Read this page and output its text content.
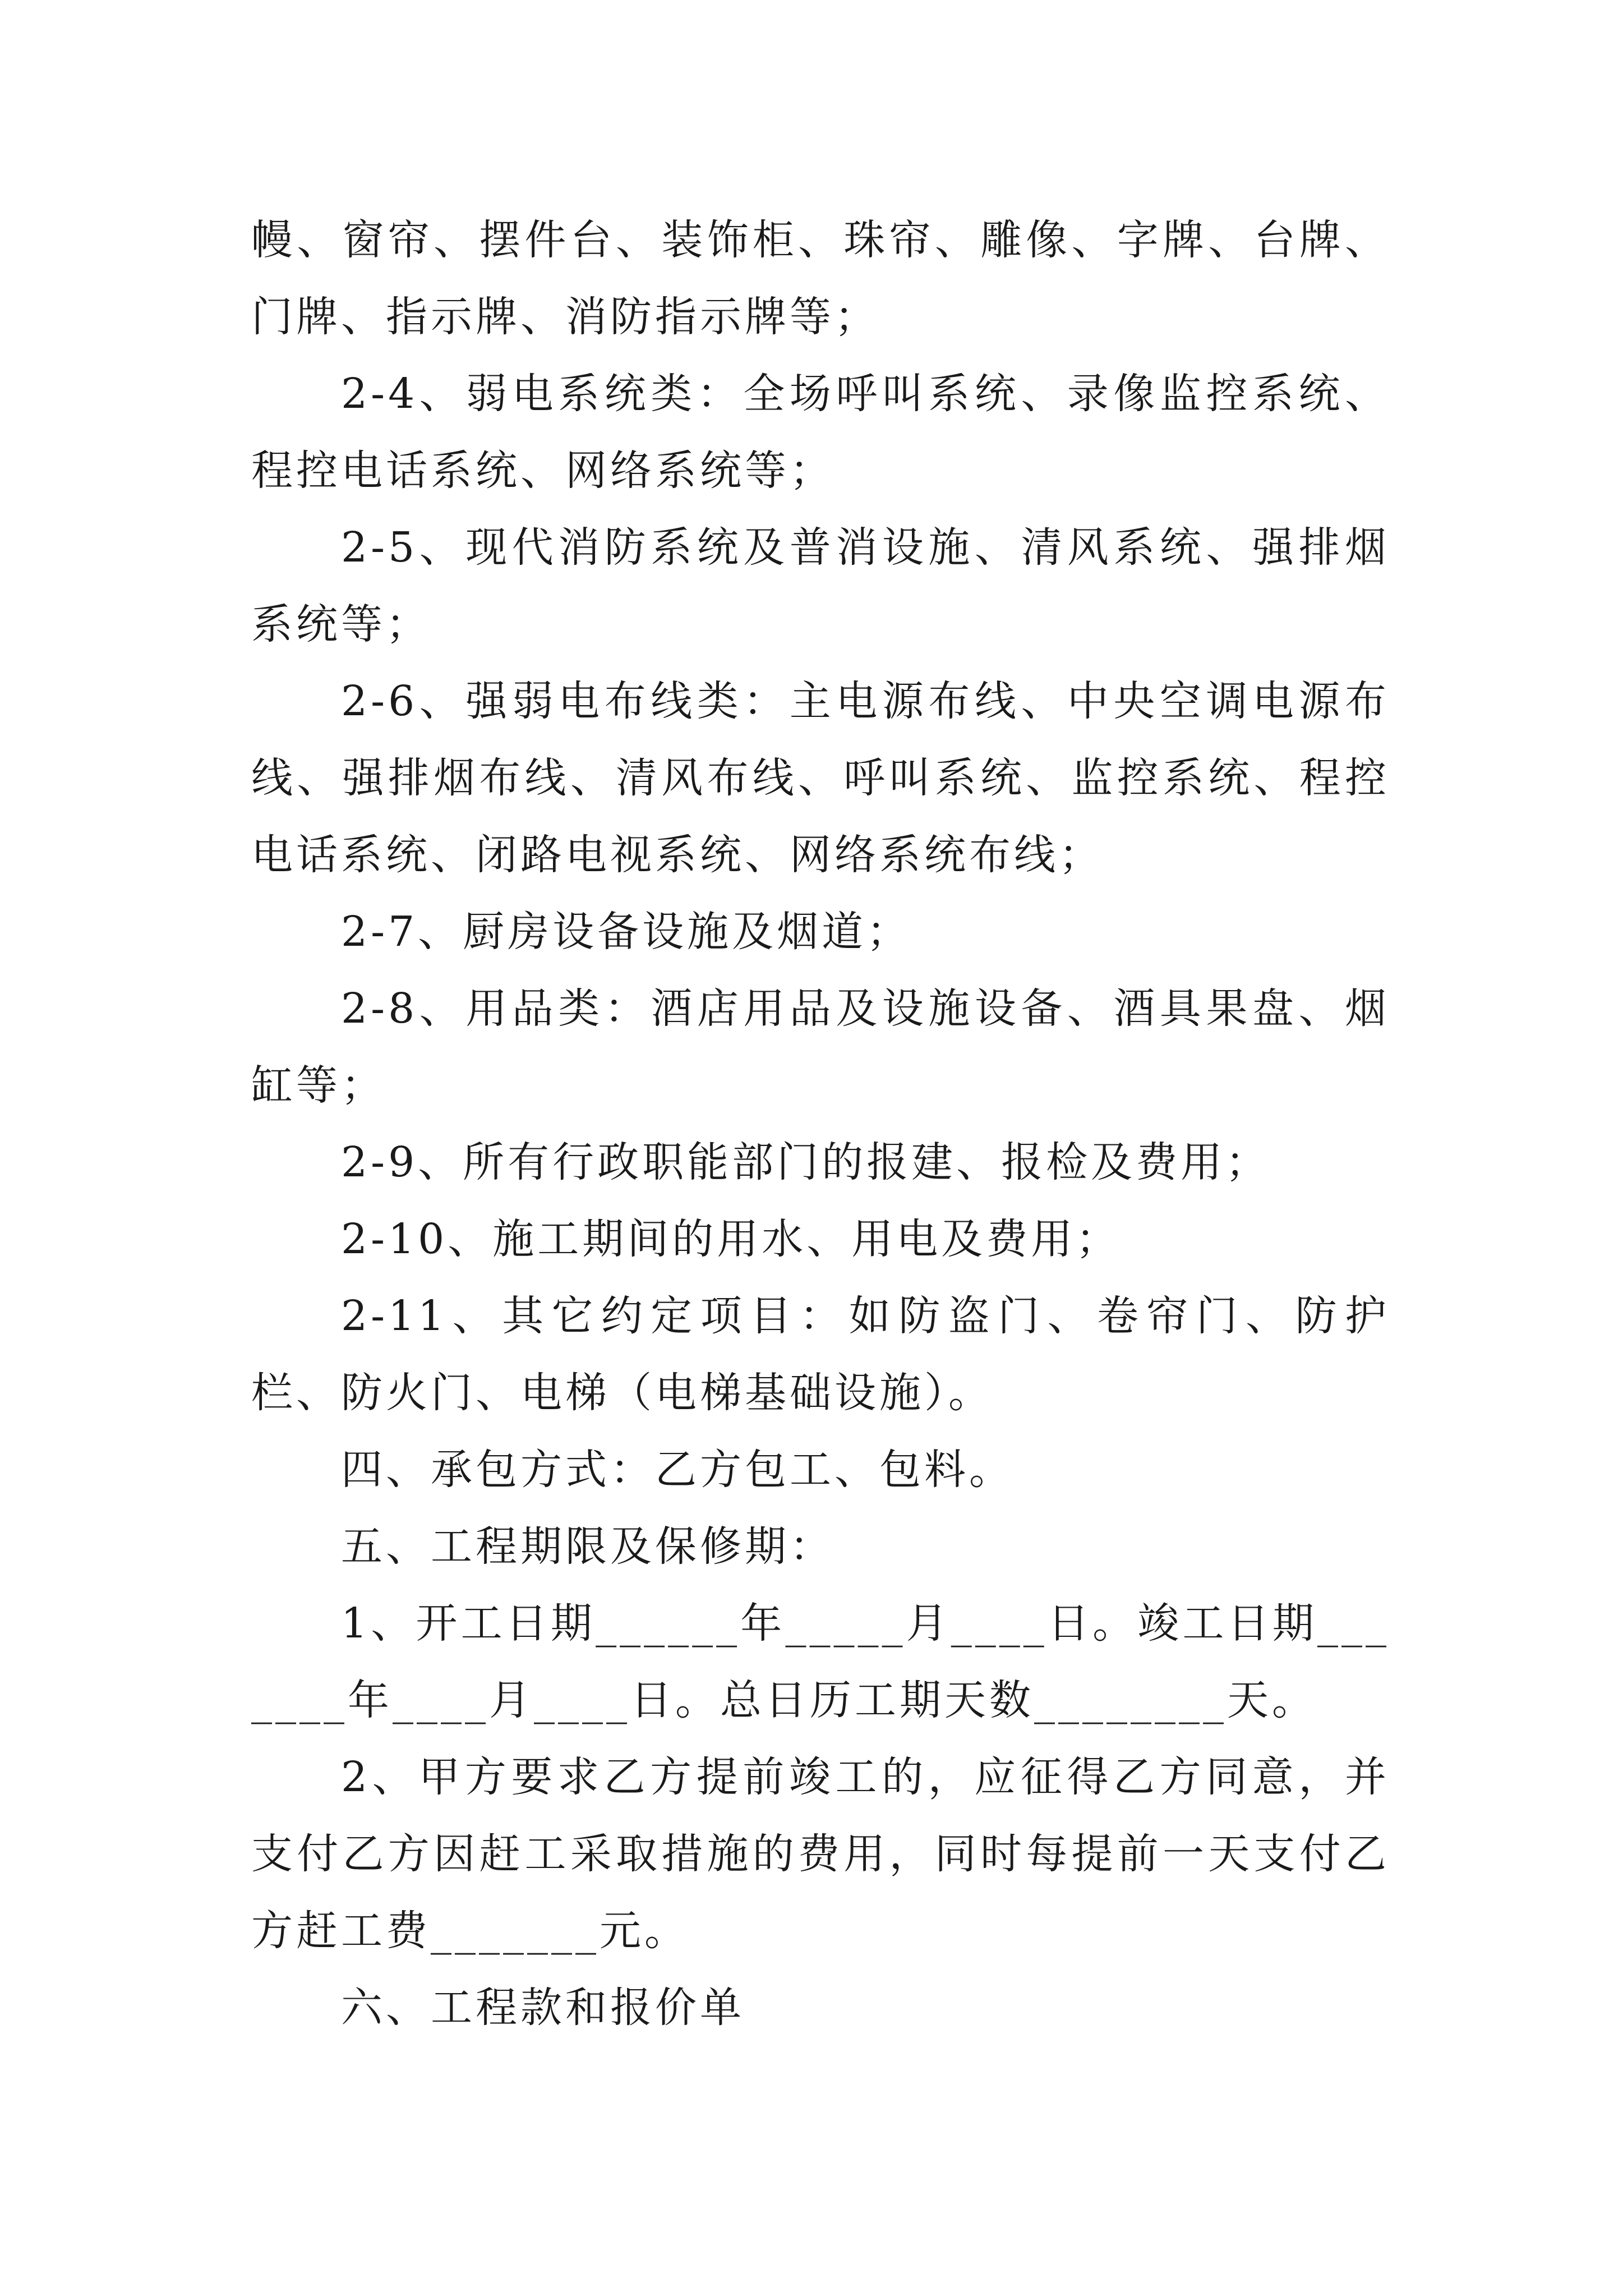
幔、窗帘、摆件台、装饰柜、珠帘、雕像、字牌、台牌、门牌、指示牌、消防指示牌等；

2-4、弱电系统类：全场呼叫系统、录像监控系统、程控电话系统、网络系统等；

2-5、现代消防系统及普消设施、清风系统、强排烟系统等；

2-6、强弱电布线类：主电源布线、中央空调电源布线、强排烟布线、清风布线、呼叫系统、监控系统、程控电话系统、闭路电视系统、网络系统布线；

2-7、厨房设备设施及烟道；

2-8、用品类：酒店用品及设施设备、酒具果盘、烟缸等；

2-9、所有行政职能部门的报建、报检及费用；

2-10、施工期间的用水、用电及费用；

2-11、其它约定项目：如防盗门、卷帘门、防护栏、防火门、电梯（电梯基础设施）。

四、承包方式：乙方包工、包料。

五、工程期限及保修期：

1、开工日期______年_____月____日。竣工日期_______年____月____日。总日历工期天数________天。

2、甲方要求乙方提前竣工的，应征得乙方同意，并支付乙方因赶工采取措施的费用，同时每提前一天支付乙方赶工费_______元。

六、工程款和报价单
